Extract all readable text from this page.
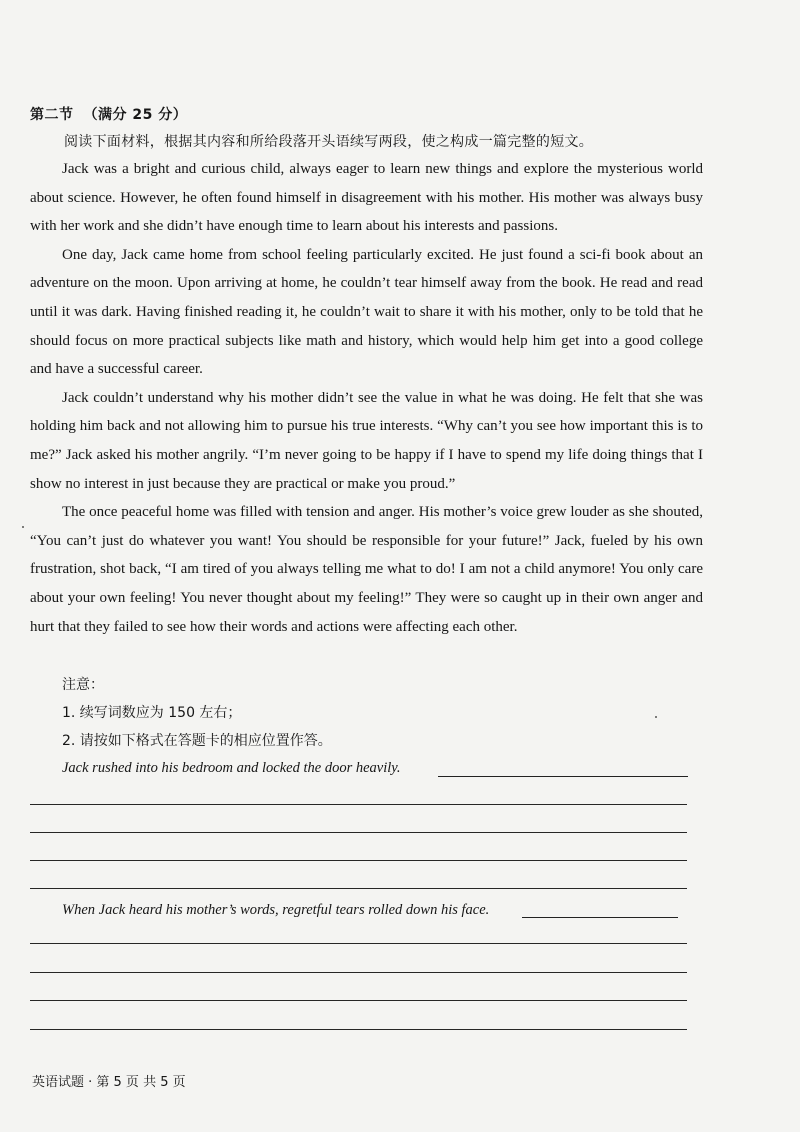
第二节 （满分 25 分）
阅读下面材料，根据其内容和所给段落开头语续写两段，使之构成一篇完整的短文。

Jack was a bright and curious child, always eager to learn new things and explore the mysterious world about science. However, he often found himself in disagreement with his mother. His mother was always busy with her work and she didn’t have enough time to learn about his interests and passions.

One day, Jack came home from school feeling particularly excited. He just found a sci-fi book about an adventure on the moon. Upon arriving at home, he couldn’t tear himself away from the book. He read and read until it was dark. Having finished reading it, he couldn’t wait to share it with his mother, only to be told that he should focus on more practical subjects like math and history, which would help him get into a good college and have a successful career.

Jack couldn’t understand why his mother didn’t see the value in what he was doing. He felt that she was holding him back and not allowing him to pursue his true interests. “Why can’t you see how important this is to me?” Jack asked his mother angrily. “I’m never going to be happy if I have to spend my life doing things that I show no interest in just because they are practical or make you proud.”

The once peaceful home was filled with tension and anger. His mother’s voice grew louder as she shouted, “You can’t just do whatever you want! You should be responsible for your future!” Jack, fueled by his own frustration, shot back, “I am tired of you always telling me what to do! I am not a child anymore! You only care about your own feeling! You never thought about my feeling!” They were so caught up in their own anger and hurt that they failed to see how their words and actions were affecting each other.

注意：
1. 续写词数应为 150 左右；
2. 请按如下格式在答题卡的相应位置作答。
Jack rushed into his bedroom and locked the door heavily.
When Jack heard his mother’s words, regretful tears rolled down his face.
英语试题 · 第 5 页 共 5 页
